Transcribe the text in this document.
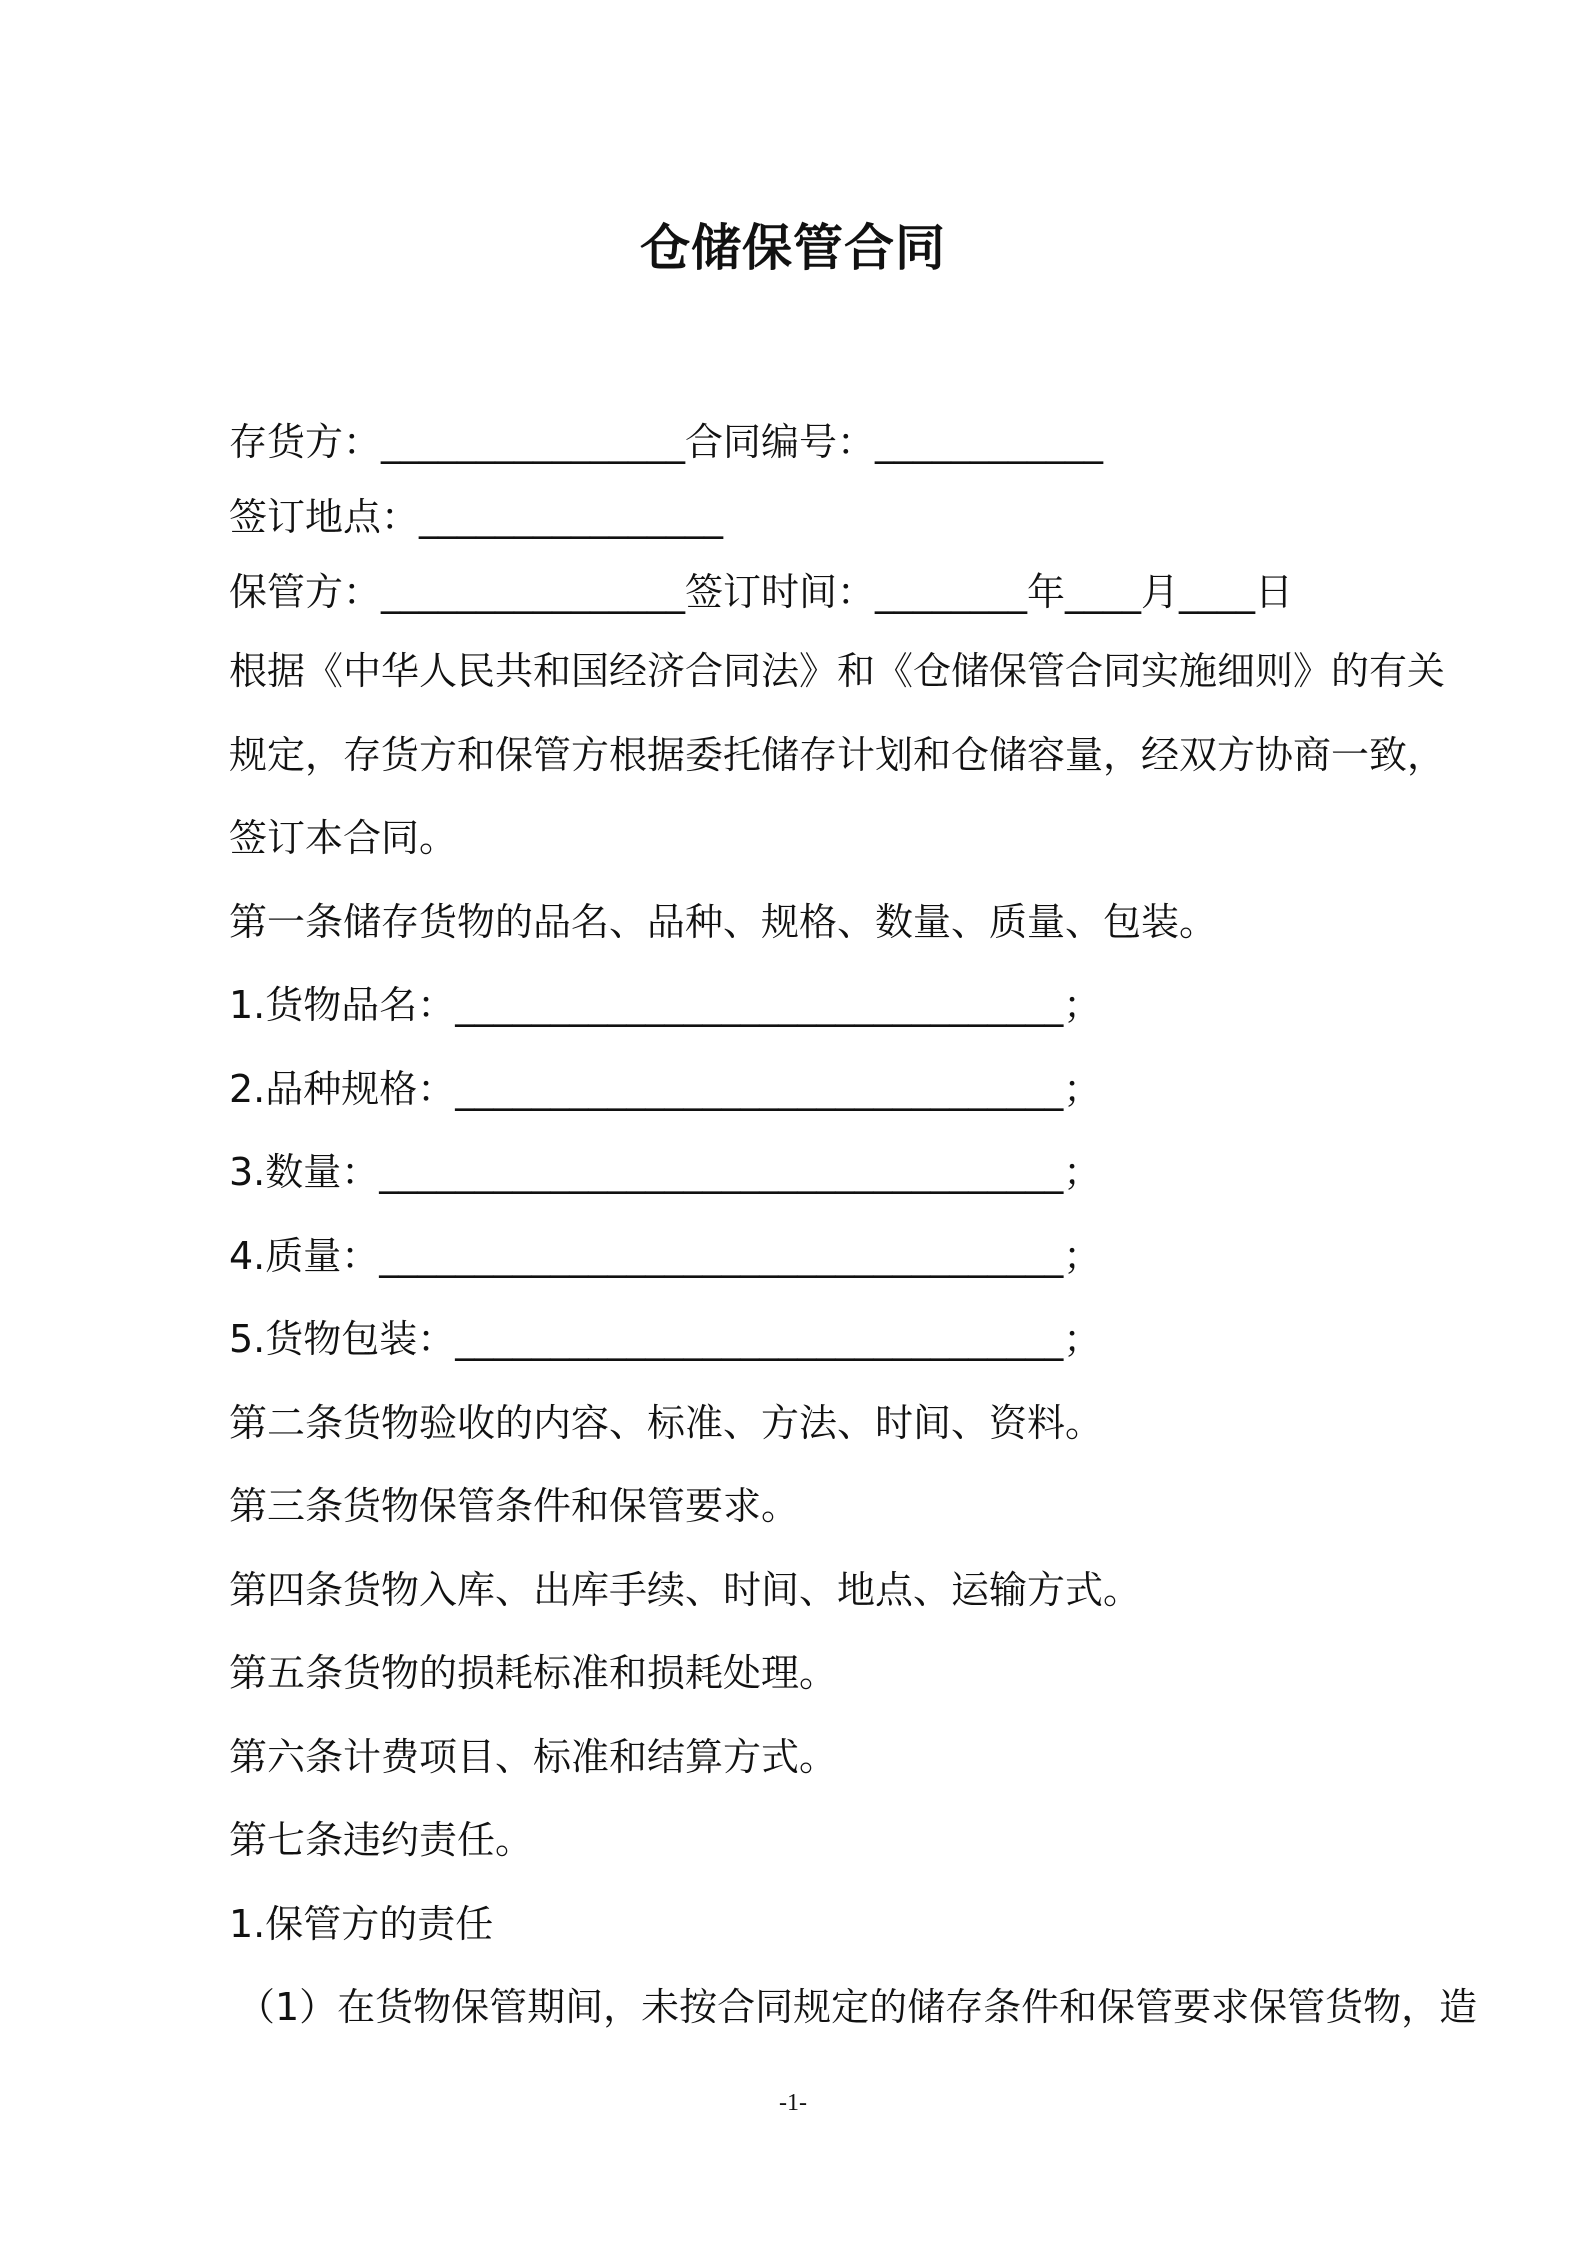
仓储保管合同
存货方：________________合同编号：____________
签订地点：________________
保管方：________________签订时间：________年____月____日
根据《中华人民共和国经济合同法》和《仓储保管合同实施细则》的有关
规定，存货方和保管方根据委托储存计划和仓储容量，经双方协商一致，
签订本合同。
第一条储存货物的品名、品种、规格、数量、质量、包装。
1.货物品名：________________________________；
2.品种规格：________________________________；
3.数量：____________________________________；
4.质量：____________________________________；
5.货物包装：________________________________；
第二条货物验收的内容、标准、方法、时间、资料。
第三条货物保管条件和保管要求。
第四条货物入库、出库手续、时间、地点、运输方式。
第五条货物的损耗标准和损耗处理。
第六条计费项目、标准和结算方式。
第七条违约责任。
1.保管方的责任
（1）在货物保管期间，未按合同规定的储存条件和保管要求保管货物，造
-1-
